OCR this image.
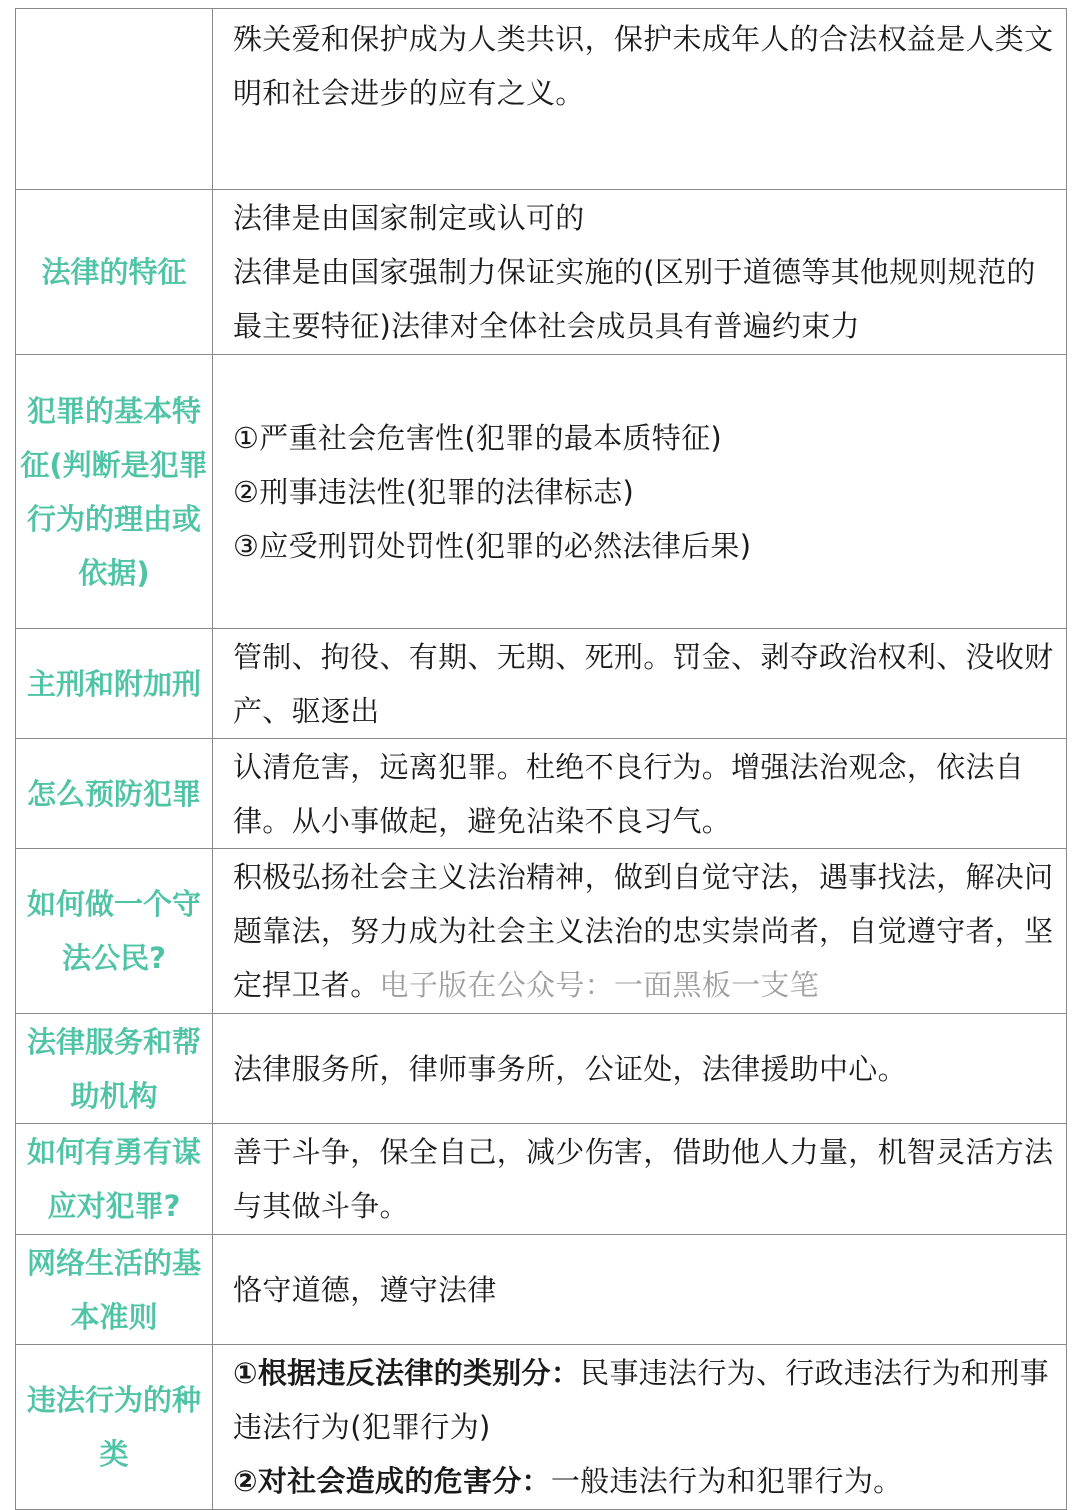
殊关爱和保护成为人类共识，保护未成年人的合法权益是人类文明和社会进步的应有之义。

法律的特征

法律是由国家制定或认可的

法律是由国家强制力保证实施的(区别于道德等其他规则规范的最主要特征)法律对全体社会成员具有普遍约束力

犯罪的基本特征(判断是犯罪行为的理由或依据)

①严重社会危害性(犯罪的最本质特征)

②刑事违法性(犯罪的法律标志)

③应受刑罚处罚性(犯罪的必然法律后果)

主刑和附加刑

管制、拘役、有期、无期、死刑。罚金、剥夺政治权利、没收财产、驱逐出

怎么预防犯罪

认清危害，远离犯罪。杜绝不良行为。增强法治观念，依法自律。从小事做起，避免沾染不良习气。

如何做一个守法公民?

积极弘扬社会主义法治精神，做到自觉守法，遇事找法，解决问题靠法，努力成为社会主义法治的忠实崇尚者，自觉遵守者，坚定捍卫者。电子版在公众号：一面黑板一支笔

法律服务和帮助机构

法律服务所，律师事务所，公证处，法律援助中心。

如何有勇有谋应对犯罪?

善于斗争，保全自己，减少伤害，借助他人力量，机智灵活方法与其做斗争。

网络生活的基本准则

恪守道德，遵守法律

违法行为的种类

①根据违反法律的类别分：民事违法行为、行政违法行为和刑事违法行为(犯罪行为)

②对社会造成的危害分：一般违法行为和犯罪行为。
